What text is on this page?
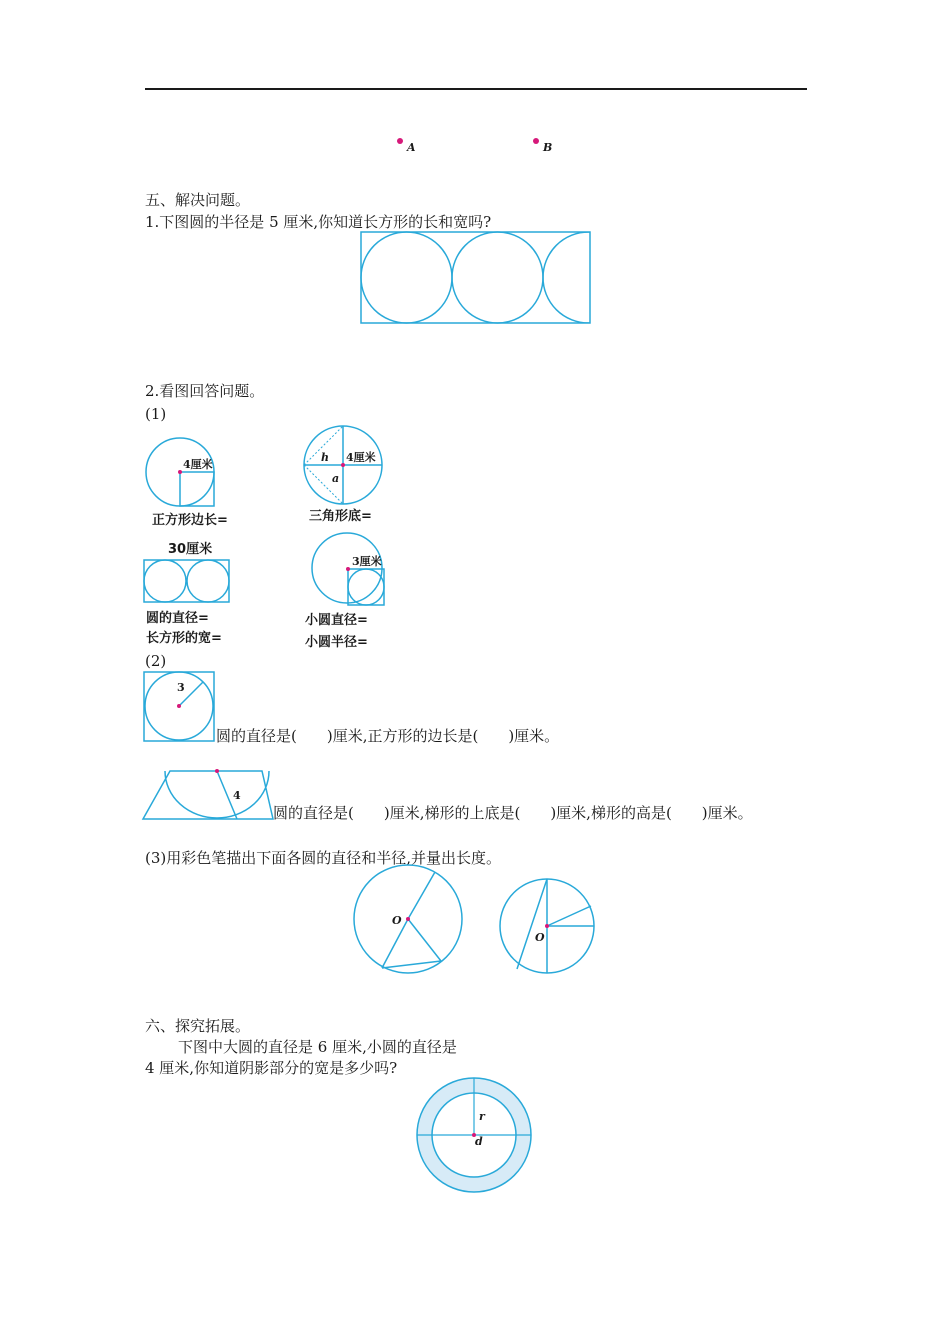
A	B
五、解决问题。
1.下图圆的半径是 5 厘米,你知道长方形的长和宽吗?
2.看图回答问题。
(1)
4厘米
正方形边长=
4厘米
h
a
三角形底=
30厘米
圆的直径=
长方形的宽=
3厘米
小圆直径=
小圆半径=
(2)
3
圆的直径是(　　)厘米,正方形的边长是(　　)厘米。
4
圆的直径是(　　)厘米,梯形的上底是(　　)厘米,梯形的高是(　　)厘米。
(3)用彩色笔描出下面各圆的直径和半径,并量出长度。
O
O
六、探究拓展。
下图中大圆的直径是 6 厘米,小圆的直径是
4 厘米,你知道阴影部分的宽是多少吗?
r
d
